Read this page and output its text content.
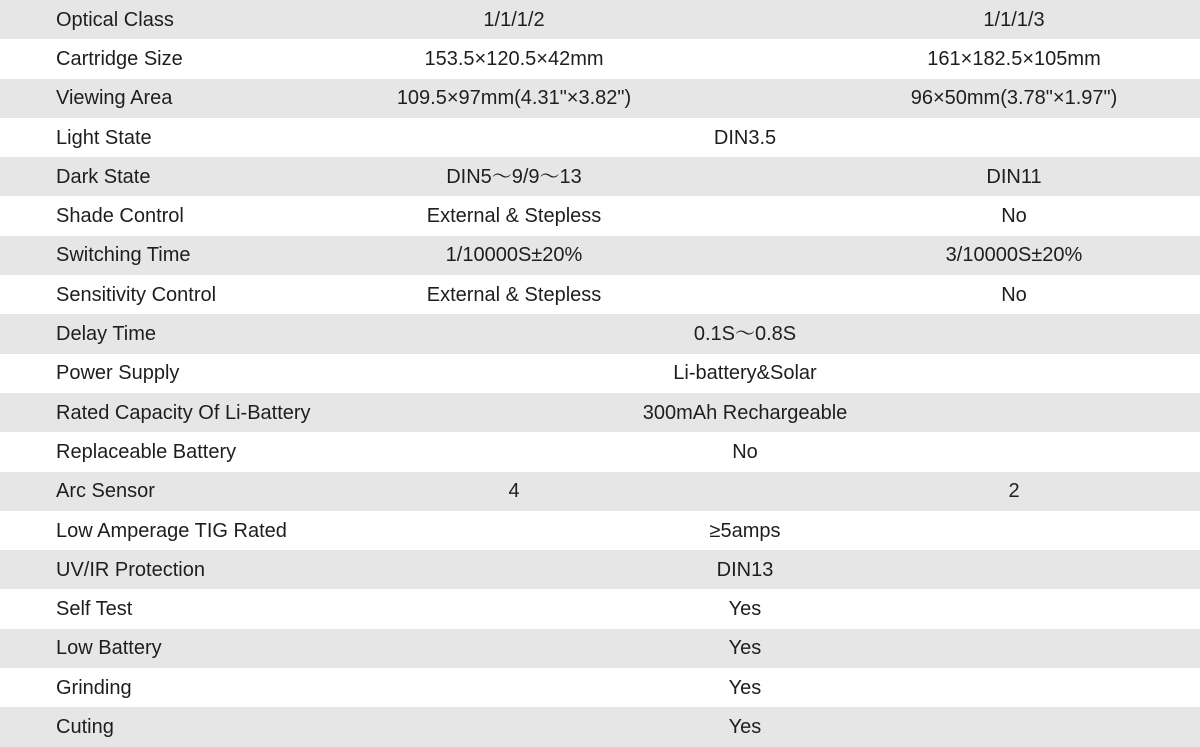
Optical Class	1/1/1/2		1/1/1/3
Cartridge Size	153.5×120.5×42mm		161×182.5×105mm
Viewing Area	109.5×97mm(4.31"×3.82")		96×50mm(3.78"×1.97")
Light State	DIN3.5		
Dark State	DIN5～9/9～13		DIN11
Shade Control	External & Stepless		No
Switching Time	1/10000S±20%		3/10000S±20%
Sensitivity Control	External & Stepless		No
Delay Time	0.1S～0.8S		
Power Supply	Li-battery&Solar		
Rated Capacity Of Li-Battery	300mAh Rechargeable		
Replaceable Battery	No		
Arc Sensor	4		2
Low Amperage TIG Rated	≥5amps		
UV/IR Protection	DIN13		
Self Test	Yes		
Low Battery	Yes		
Grinding	Yes		
Cuting	Yes		
